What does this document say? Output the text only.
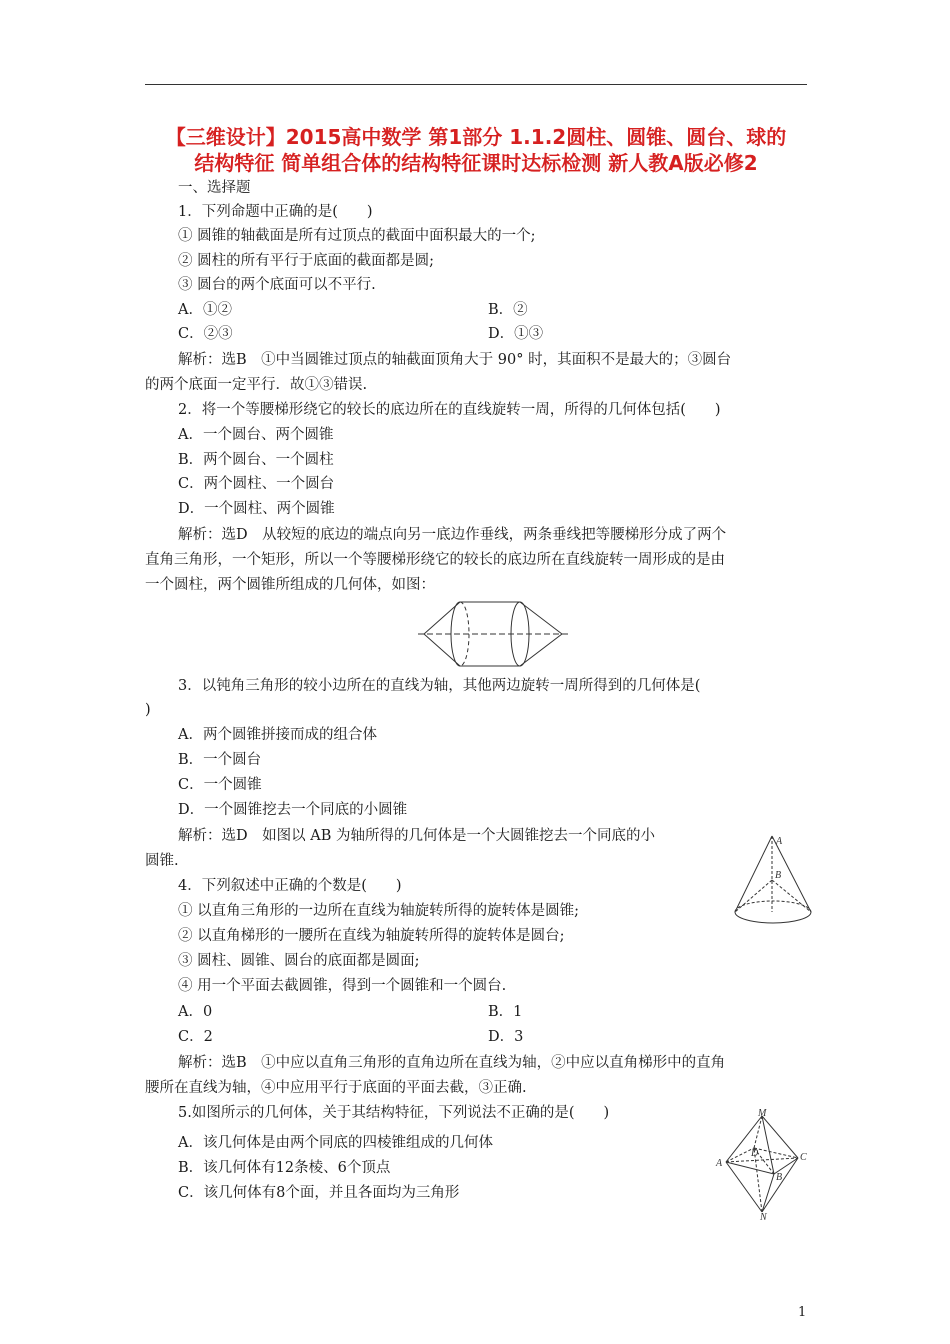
【三维设计】2015高中数学 第1部分 1.1.2圆柱、圆锥、圆台、球的
结构特征 简单组合体的结构特征课时达标检测 新人教A版必修2
一、选择题
1．下列命题中正确的是(　　)
① 圆锥的轴截面是所有过顶点的截面中面积最大的一个;
② 圆柱的所有平行于底面的截面都是圆;
③ 圆台的两个底面可以不平行.
A．①②	B．②
C．②③	D．①③
解析：选B　①中当圆锥过顶点的轴截面顶角大于 90° 时，其面积不是最大的；③圆台
的两个底面一定平行．故①③错误.
2．将一个等腰梯形绕它的较长的底边所在的直线旋转一周，所得的几何体包括(　　)
A．一个圆台、两个圆锥
B．两个圆台、一个圆柱
C．两个圆柱、一个圆台
D．一个圆柱、两个圆锥
解析：选D　从较短的底边的端点向另一底边作垂线，两条垂线把等腰梯形分成了两个
直角三角形，一个矩形，所以一个等腰梯形绕它的较长的底边所在直线旋转一周形成的是由
一个圆柱，两个圆锥所组成的几何体，如图：
3．以钝角三角形的较小边所在的直线为轴，其他两边旋转一周所得到的几何体是(
)
A．两个圆锥拼接而成的组合体
B．一个圆台
C．一个圆锥
D．一个圆锥挖去一个同底的小圆锥
解析：选D　如图以 AB 为轴所得的几何体是一个大圆锥挖去一个同底的小
圆锥.
A
B
4．下列叙述中正确的个数是(　　)
① 以直角三角形的一边所在直线为轴旋转所得的旋转体是圆锥;
② 以直角梯形的一腰所在直线为轴旋转所得的旋转体是圆台;
③ 圆柱、圆锥、圆台的底面都是圆面;
④ 用一个平面去截圆锥，得到一个圆锥和一个圆台.
A．0	B．1
C．2	D．3
解析：选B　①中应以直角三角形的直角边所在直线为轴，②中应以直角梯形中的直角
腰所在直线为轴，④中应用平行于底面的平面去截，③正确.
5.如图所示的几何体，关于其结构特征，下列说法不正确的是(　　)
A．该几何体是由两个同底的四棱锥组成的几何体
B．该几何体有12条棱、6个顶点
C．该几何体有8个面，并且各面均为三角形
M
D	C
A
B
N
1
